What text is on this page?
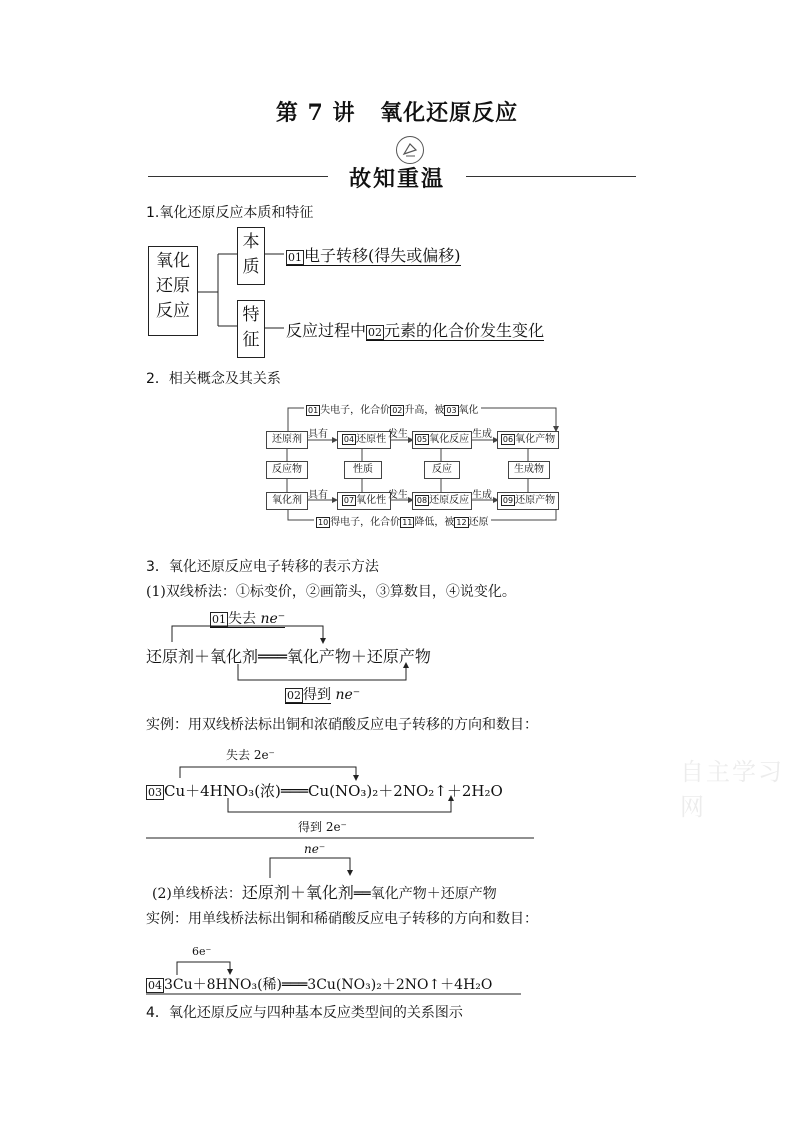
第 7 讲 氧化还原反应
故知重温
1.氧化还原反应本质和特征
氧化
还原
反应
本
质
特
征
01 电子转移(得失或偏移)
反应过程中 02 元素的化合价发生变化
2．相关概念及其关系
01 失电子，化合价 02 升高，被 03 氧化
10 得电子，化合价 11 降低，被 12 还原
还原剂 具有	04 还原性 发生	05 氧化反应 生成	06 氧化产物
反应物	性质	反应	生成物
氧化剂 具有	07 氧化性 发生	08 还原反应 生成	09 还原产物
3．氧化还原反应电子转移的表示方法
(1)双线桥法：①标变价，②画箭头，③算数目，④说变化。
01 失去 ne⁻
还原剂＋氧化剂═══氧化产物＋还原产物
02 得到 ne⁻
实例：用双线桥法标出铜和浓硝酸反应电子转移的方向和数目：
失去 2e⁻
03 Cu＋4HNO₃(浓)═══Cu(NO₃)₂＋2NO₂↑＋2H₂O
得到 2e⁻
ne⁻
(2)单线桥法：还原剂＋氧化剂══氧化产物＋还原产物
实例：用单线桥法标出铜和稀硝酸反应电子转移的方向和数目：
6e⁻
04 3Cu＋8HNO₃(稀)═══3Cu(NO₃)₂＋2NO↑＋4H₂O
4．氧化还原反应与四种基本反应类型间的关系图示
自主学习网
